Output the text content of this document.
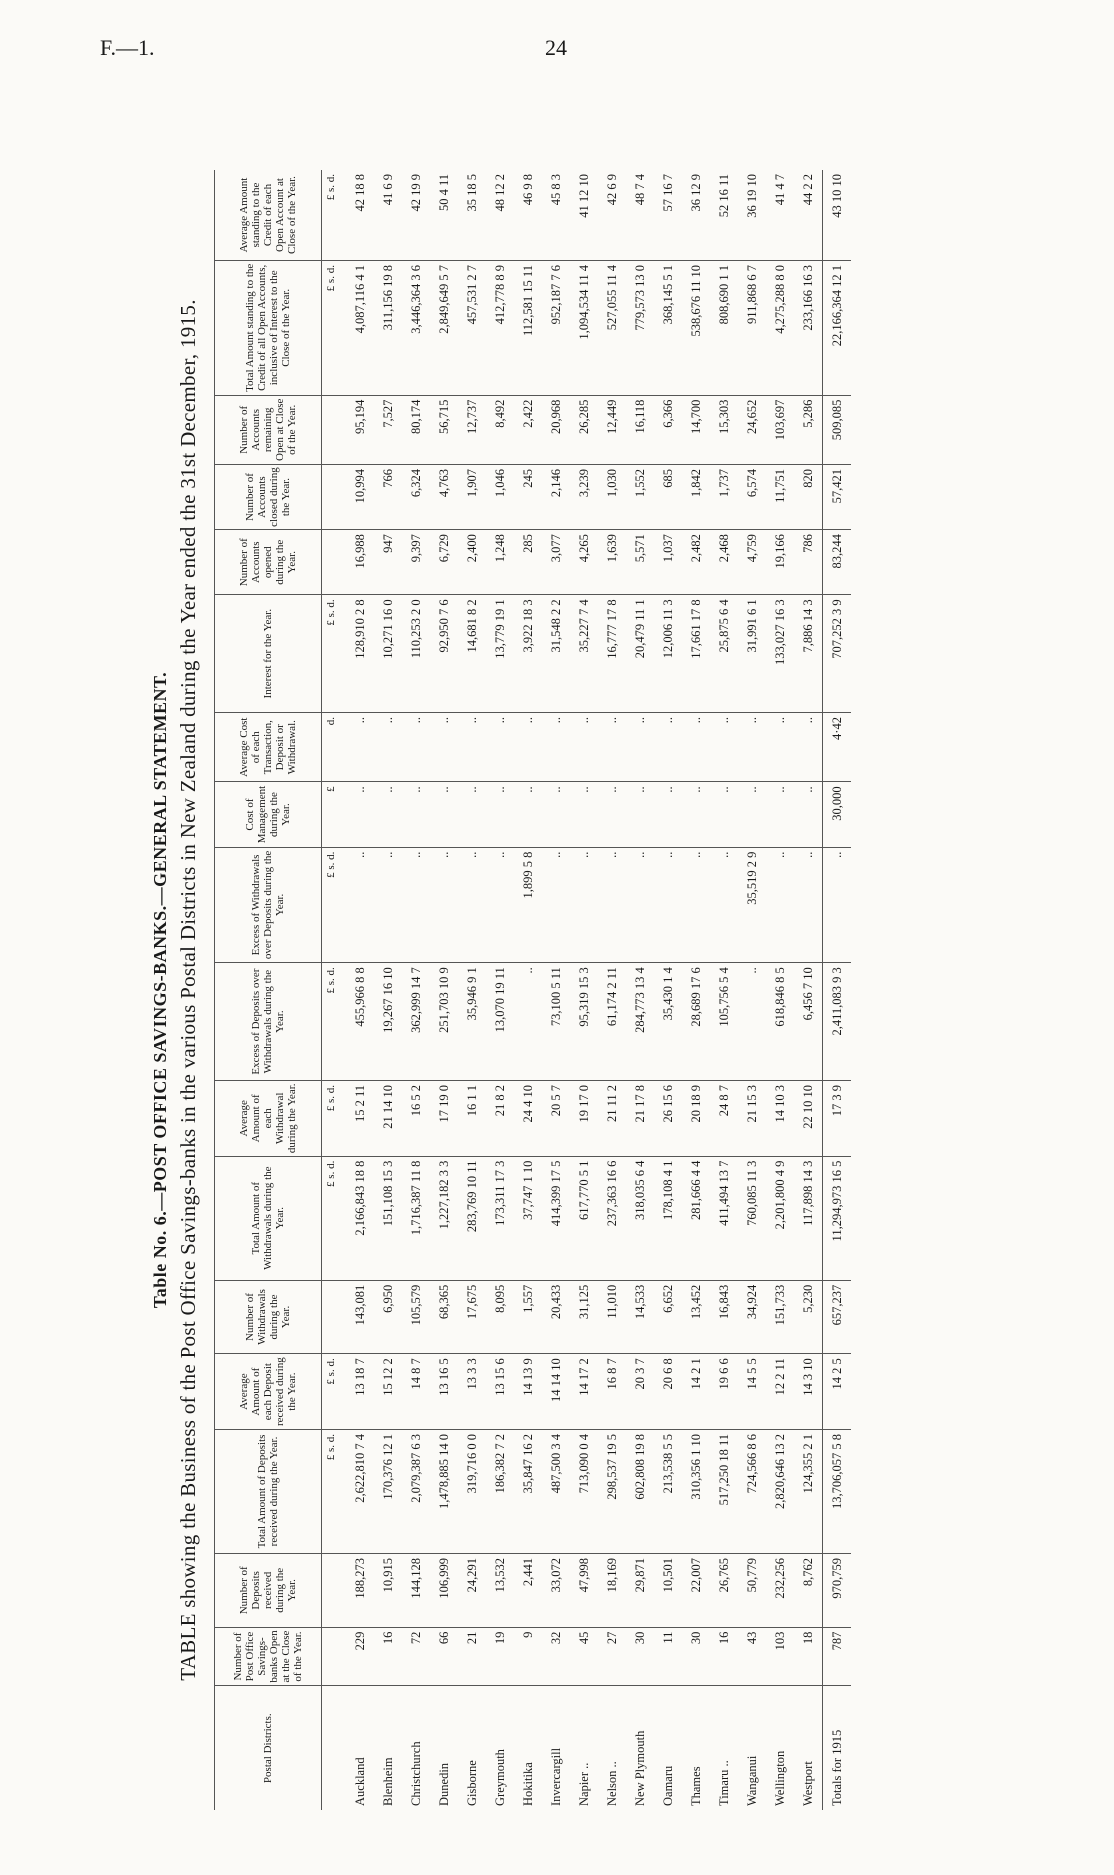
F.—1.	24
Table No. 6.—POST OFFICE SAVINGS-BANKS.—GENERAL STATEMENT. TABLE showing the Business of the Post Office Savings-banks in the various Postal Districts in New Zealand during the Year ended the 31st December, 1915.
Postal Districts.	Number of Post Office Savings-banks Open at the Close of the Year.	Number of Deposits received during the Year.	Total Amount of Deposits received during the Year.	Average Amount of each Deposit received during the Year.	Number of Withdrawals during the Year.	Total Amount of Withdrawals during the Year.	Average Amount of each Withdrawal during the Year.	Excess of Deposits over Withdrawals during the Year.	Excess of Withdrawals over Deposits during the Year.	Cost of Management during the Year.	Average Cost of each Transaction, Deposit or Withdrawal.	Interest for the Year.	Number of Accounts opened during the Year.	Number of Accounts closed during the Year.	Number of Accounts remaining Open at Close of the Year.	Total Amount standing to the Credit of all Open Accounts, inclusive of Interest to the Close of the Year.	Average Amount standing to the Credit of each Open Account at Close of the Year.
			£ s. d.	£ s. d.		£ s. d.	£ s. d.	£ s. d.	£ s. d.	£	d.	£ s. d.				£ s. d.	£ s. d.
Auckland	229	188,273	2,622,810 7 4	13 18 7	143,081	2,166,843 18 8	15 2 11	455,966 8 8	..	..	..	128,910 2 8	16,988	10,994	95,194	4,087,116 4 1	42 18 8
Blenheim	16	10,915	170,376 12 1	15 12 2	6,950	151,108 15 3	21 14 10	19,267 16 10	..	..	..	10,271 16 0	947	766	7,527	311,156 19 8	41 6 9
Christchurch	72	144,128	2,079,387 6 3	14 8 7	105,579	1,716,387 11 8	16 5 2	362,999 14 7	..	..	..	110,253 2 0	9,397	6,324	80,174	3,446,364 3 6	42 19 9
Dunedin	66	106,999	1,478,885 14 0	13 16 5	68,365	1,227,182 3 3	17 19 0	251,703 10 9	..	..	..	92,950 7 6	6,729	4,763	56,715	2,849,649 5 7	50 4 11
Gisborne	21	24,291	319,716 0 0	13 3 3	17,675	283,769 10 11	16 1 1	35,946 9 1	..	..	..	14,681 8 2	2,400	1,907	12,737	457,531 2 7	35 18 5
Greymouth	19	13,532	186,382 7 2	13 15 6	8,095	173,311 17 3	21 8 2	13,070 19 11	..	..	..	13,779 19 1	1,248	1,046	8,492	412,778 8 9	48 12 2
Hokitika	9	2,441	35,847 16 2	14 13 9	1,557	37,747 1 10	24 4 10	..	1,899 5 8	..	..	3,922 18 3	285	245	2,422	112,581 15 11	46 9 8
Invercargill	32	33,072	487,500 3 4	14 14 10	20,433	414,399 17 5	20 5 7	73,100 5 11	..	..	..	31,548 2 2	3,077	2,146	20,968	952,187 7 6	45 8 3
Napier ..	45	47,998	713,090 0 4	14 17 2	31,125	617,770 5 1	19 17 0	95,319 15 3	..	..	..	35,227 7 4	4,265	3,239	26,285	1,094,534 11 4	41 12 10
Nelson ..	27	18,169	298,537 19 5	16 8 7	11,010	237,363 16 6	21 11 2	61,174 2 11	..	..	..	16,777 17 8	1,639	1,030	12,449	527,055 11 4	42 6 9
New Plymouth	30	29,871	602,808 19 8	20 3 7	14,533	318,035 6 4	21 17 8	284,773 13 4	..	..	..	20,479 11 1	5,571	1,552	16,118	779,573 13 0	48 7 4
Oamaru	11	10,501	213,538 5 5	20 6 8	6,652	178,108 4 1	26 15 6	35,430 1 4	..	..	..	12,006 11 3	1,037	685	6,366	368,145 5 1	57 16 7
Thames	30	22,007	310,356 1 10	14 2 1	13,452	281,666 4 4	20 18 9	28,689 17 6	..	..	..	17,661 17 8	2,482	1,842	14,700	538,676 11 10	36 12 9
Timaru ..	16	26,765	517,250 18 11	19 6 6	16,843	411,494 13 7	24 8 7	105,756 5 4	..	..	..	25,875 6 4	2,468	1,737	15,303	808,690 1 1	52 16 11
Wanganui	43	50,779	724,566 8 6	14 5 5	34,924	760,085 11 3	21 15 3	..	35,519 2 9	..	..	31,991 6 1	4,759	6,574	24,652	911,868 6 7	36 19 10
Wellington	103	232,256	2,820,646 13 2	12 2 11	151,733	2,201,800 4 9	14 10 3	618,846 8 5	..	..	..	133,027 16 3	19,166	11,751	103,697	4,275,288 8 0	41 4 7
Westport	18	8,762	124,355 2 1	14 3 10	5,230	117,898 14 3	22 10 10	6,456 7 10	..	..	..	7,886 14 3	786	820	5,286	233,166 16 3	44 2 2
Totals for 1915	787	970,759	13,706,057 5 8	14 2 5	657,237	11,294,973 16 5	17 3 9	2,411,083 9 3	..	30,000	4·42	707,252 3 9	83,244	57,421	509,085	22,166,364 12 1	43 10 10
